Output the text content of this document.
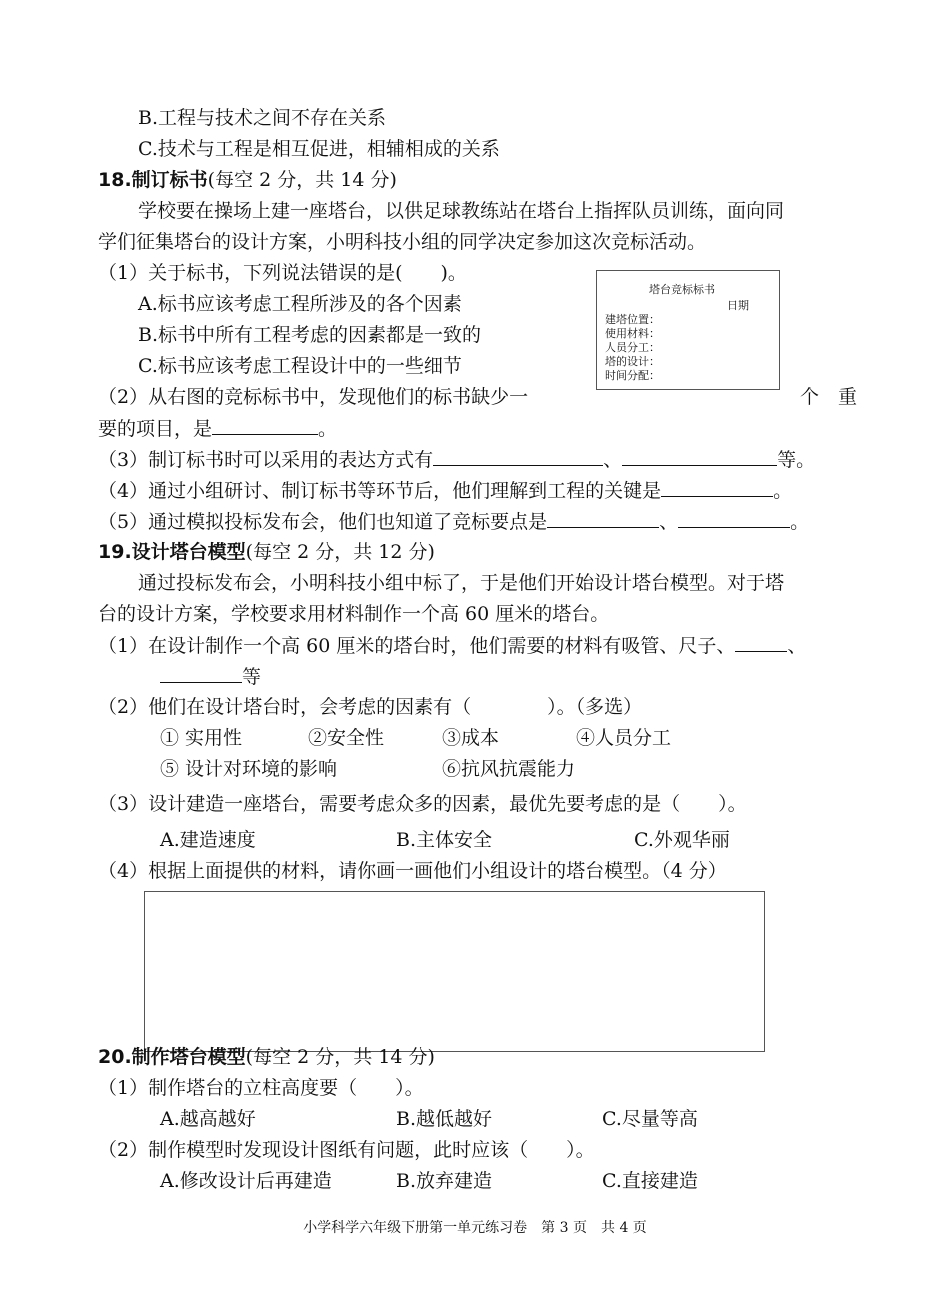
B.工程与技术之间不存在关系
C.技术与工程是相互促进，相辅相成的关系
18.制订标书(每空 2 分，共 14 分)
学校要在操场上建一座塔台，以供足球教练站在塔台上指挥队员训练，面向同
学们征集塔台的设计方案，小明科技小组的同学决定参加这次竞标活动。
（1）关于标书，下列说法错误的是(　　)。
A.标书应该考虑工程所涉及的各个因素
B.标书中所有工程考虑的因素都是一致的
C.标书应该考虑工程设计中的一些细节
塔台竞标标书
日期
建塔位置：
使用材料：
人员分工：
塔的设计：
时间分配：
（2）从右图的竞标标书中，发现他们的标书缺少一	个　重
要的项目，是	。
（3）制订标书时可以采用的表达方式有	、	等。
（4）通过小组研讨、制订标书等环节后，他们理解到工程的关键是	。
（5）通过模拟投标发布会，他们也知道了竞标要点是	、	。
19.设计塔台模型(每空 2 分，共 12 分)
通过投标发布会，小明科技小组中标了，于是他们开始设计塔台模型。对于塔
台的设计方案，学校要求用材料制作一个高 60 厘米的塔台。
（1）在设计制作一个高 60 厘米的塔台时，他们需要的材料有吸管、尺子、	、
等
（2）他们在设计塔台时，会考虑的因素有（　　　　）。（多选）
① 实用性	②安全性	③成本	④人员分工
⑤ 设计对环境的影响	⑥抗风抗震能力
（3）设计建造一座塔台，需要考虑众多的因素，最优先要考虑的是（　　）。
A.建造速度	B.主体安全	C.外观华丽
（4）根据上面提供的材料，请你画一画他们小组设计的塔台模型。（4 分）
20.制作塔台模型(每空 2 分，共 14 分)
（1）制作塔台的立柱高度要（　　）。
A.越高越好	B.越低越好	C.尽量等高
（2）制作模型时发现设计图纸有问题，此时应该（　　）。
A.修改设计后再建造	B.放弃建造	C.直接建造
小学科学六年级下册第一单元练习卷　第 3 页　共 4 页
